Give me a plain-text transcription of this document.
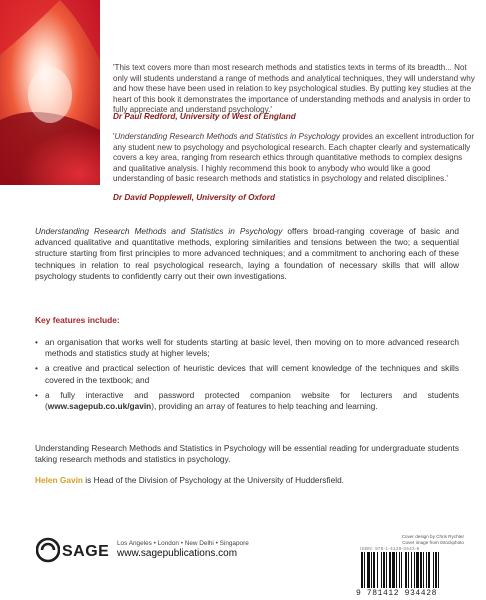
'This text covers more than most research methods and statistics texts in terms of its breadth... Not only will students understand a range of methods and analytical techniques, they will understand why and how these have been used in relation to key psychological studies. By putting key studies at the heart of this book it demonstrates the importance of understanding methods and analysis in order to fully appreciate and understand psychology.'
Dr Paul Redford, University of West of England
'Understanding Research Methods and Statistics in Psychology provides an excellent introduction for any student new to psychology and psychological research. Each chapter clearly and systematically covers a key area, ranging from research ethics through quantitative methods to complex designs and qualitative analysis. I highly recommend this book to anybody who would like a good understanding of basic research methods and statistics in psychology and related disciplines.'
Dr David Popplewell, University of Oxford
Understanding Research Methods and Statistics in Psychology offers broad-ranging coverage of basic and advanced qualitative and quantitative methods, exploring similarities and tensions between the two; a sequential structure starting from first principles to more advanced techniques; and a commitment to anchoring each of these techniques in relation to real psychological research, laying a foundation of necessary skills that will allow psychology students to confidently carry out their own investigations.
Key features include:
• an organisation that works well for students starting at basic level, then moving on to more advanced research methods and statistics study at higher levels;
• a creative and practical selection of heuristic devices that will cement knowledge of the techniques and skills covered in the textbook; and
• a fully interactive and password protected companion website for lecturers and students (www.sagepub.co.uk/gavin), providing an array of features to help teaching and learning.
Understanding Research Methods and Statistics in Psychology will be essential reading for undergraduate students taking research methods and statistics in psychology.
Helen Gavin is Head of the Division of Psychology at the University of Huddersfield.
Cover design by Chris Rychter
Cover image from iStockphoto
ISBN: 978-1-4129-3442-8
9 781412 934428
SAGE Los Angeles • London • New Delhi • Singapore
www.sagepublications.com
